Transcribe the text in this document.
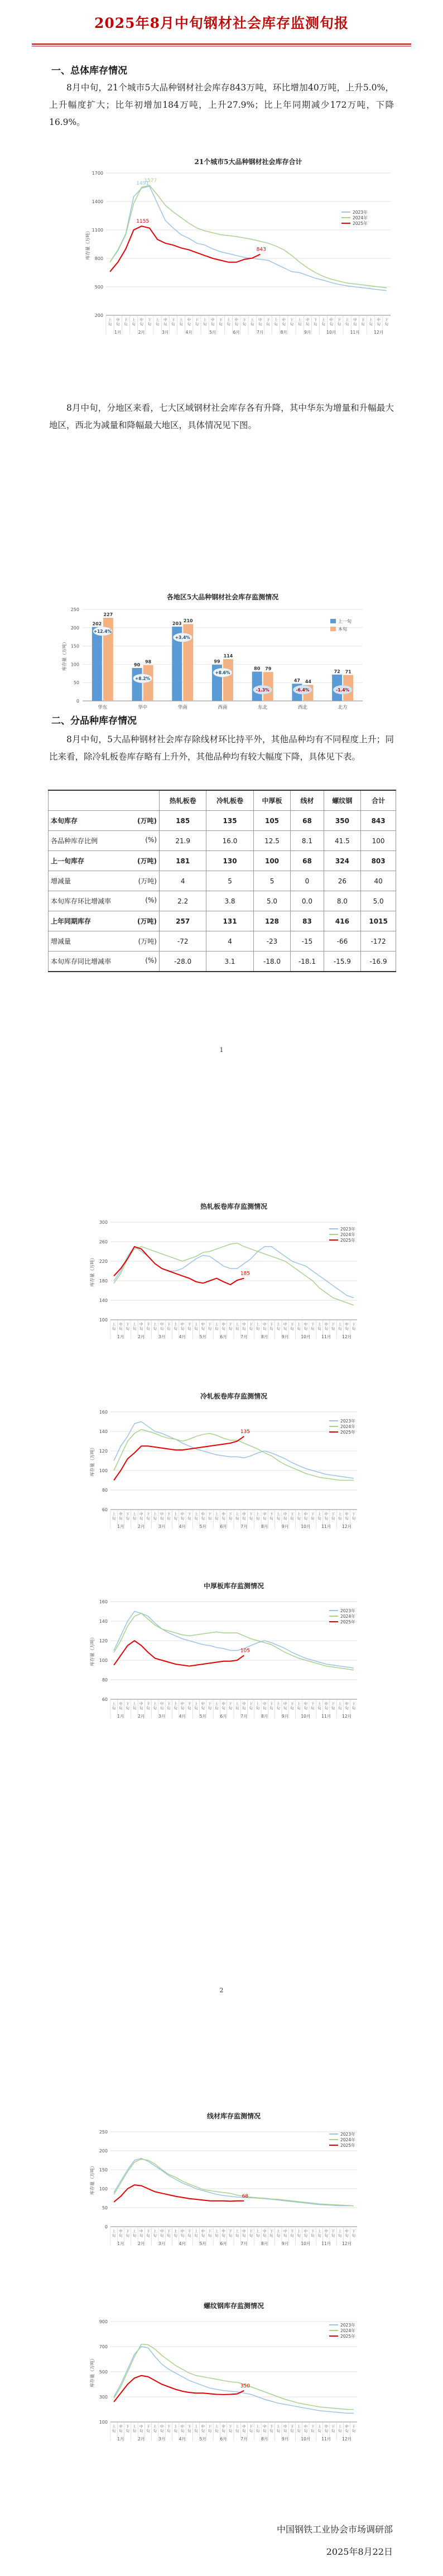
2025年8月中旬钢材社会库存监测旬报
一、总体库存情况
8月中旬，21个城市5大品种钢材社会库存843万吨，环比增加40万吨，上升5.0%，上升幅度扩大；比年初增加184万吨，上升27.9%；比上年同期减少172万吨，下降16.9%。
21个城市5大品种钢材社会库存合计
200
500
800
1100
1400
1700
库存量（万吨）
上
旬
中
旬
下
旬
上
旬
中
旬
下
旬
上
旬
中
旬
下
旬
上
旬
中
旬
下
旬
上
旬
中
旬
下
旬
上
旬
中
旬
下
旬
上
旬
中
旬
下
旬
上
旬
中
旬
下
旬
上
旬
中
旬
下
旬
上
旬
中
旬
下
旬
上
旬
中
旬
下
旬
上
旬
中
旬
下
旬
1月	2月	3月	4月	5月	6月	7月	8月	9月	10月	11月	12月
2023年
2024年
2025年
1577
1491
1155
843
8月中旬，分地区来看，七大区域钢材社会库存各有升降，其中华东为增量和升幅最大地区，西北为减量和降幅最大地区，具体情况见下图。
各地区5大品种钢材社会库存监测情况
0
50
100
150
200
250
库存量（万吨）
202
227
+12.4%
华东
90
98
+8.2%
华中
203
210
+3.4%
华南
99
114
+8.6%
西南
80 79
-1.3%
东北
47 44
-6.4%
西北
72 71
-1.4%
北方
上一旬
本旬
二、分品种库存情况
8月中旬，5大品种钢材社会库存除线材环比持平外，其他品种均有不同程度上升；同比来看，除冷轧板卷库存略有上升外，其他品种均有较大幅度下降，具体见下表。
	热轧板卷	冷轧板卷	中厚板	线材	螺纹钢	合计
本旬库存 (万吨)	185	135	105	68	350	843
各品种库存比例 (%)	21.9	16.0	12.5	8.1	41.5	100
上一旬库存 (万吨)	181	130	100	68	324	803
增减量 (万吨)	4	5	5	0	26	40
本旬库存环比增减率 (%)	2.2	3.8	5.0	0.0	8.0	5.0
上年同期库存 (万吨)	257	131	128	83	416	1015
增减量 (万吨)	-72	4	-23	-15	-66	-172
本旬库存同比增减率 (%)	-28.0	3.1	-18.0	-18.1	-15.9	-16.9
1
热轧板卷库存监测情况
100
140
180
220
260
300
库存量（万吨）
上
旬
中
旬
下
旬
上
旬
中
旬
下
旬
上
旬
中
旬
下
旬
上
旬
中
旬
下
旬
上
旬
中
旬
下
旬
上
旬
中
旬
下
旬
上
旬
中
旬
下
旬
上
旬
中
旬
下
旬
上
旬
中
旬
下
旬
上
旬
中
旬
下
旬
上
旬
中
旬
下
旬
上
旬
中
旬
下
旬
1月	2月	3月	4月	5月	6月	7月	8月	9月	10月	11月	12月
2023年
2024年
2025年
185
冷轧板卷库存监测情况
60
80
100
120
140
160
库存量（万吨）
上
旬
中
旬
下
旬
上
旬
中
旬
下
旬
上
旬
中
旬
下
旬
上
旬
中
旬
下
旬
上
旬
中
旬
下
旬
上
旬
中
旬
下
旬
上
旬
中
旬
下
旬
上
旬
中
旬
下
旬
上
旬
中
旬
下
旬
上
旬
中
旬
下
旬
上
旬
中
旬
下
旬
上
旬
中
旬
下
旬
1月	2月	3月	4月	5月	6月	7月	8月	9月	10月	11月	12月
2023年
2024年
2025年
135
中厚板库存监测情况
60
80
100
120
140
160
库存量（万吨）
上
旬
中
旬
下
旬
上
旬
中
旬
下
旬
上
旬
中
旬
下
旬
上
旬
中
旬
下
旬
上
旬
中
旬
下
旬
上
旬
中
旬
下
旬
上
旬
中
旬
下
旬
上
旬
中
旬
下
旬
上
旬
中
旬
下
旬
上
旬
中
旬
下
旬
上
旬
中
旬
下
旬
上
旬
中
旬
下
旬
1月	2月	3月	4月	5月	6月	7月	8月	9月	10月	11月	12月
2023年
2024年
2025年
105
2
线材库存监测情况
0
50
100
150
200
250
库存量（万吨）
上
旬
中
旬
下
旬
上
旬
中
旬
下
旬
上
旬
中
旬
下
旬
上
旬
中
旬
下
旬
上
旬
中
旬
下
旬
上
旬
中
旬
下
旬
上
旬
中
旬
下
旬
上
旬
中
旬
下
旬
上
旬
中
旬
下
旬
上
旬
中
旬
下
旬
上
旬
中
旬
下
旬
上
旬
中
旬
下
旬
1月	2月	3月	4月	5月	6月	7月	8月	9月	10月	11月	12月
2023年
2024年
2025年
68
螺纹钢库存监测情况
100
300
500
700
900
库存量（万吨）
上
旬
中
旬
下
旬
上
旬
中
旬
下
旬
上
旬
中
旬
下
旬
上
旬
中
旬
下
旬
上
旬
中
旬
下
旬
上
旬
中
旬
下
旬
上
旬
中
旬
下
旬
上
旬
中
旬
下
旬
上
旬
中
旬
下
旬
上
旬
中
旬
下
旬
上
旬
中
旬
下
旬
上
旬
中
旬
下
旬
1月	2月	3月	4月	5月	6月	7月	8月	9月	10月	11月	12月
2023年
2024年
2025年
350
中国钢铁工业协会市场调研部
2025年8月22日
